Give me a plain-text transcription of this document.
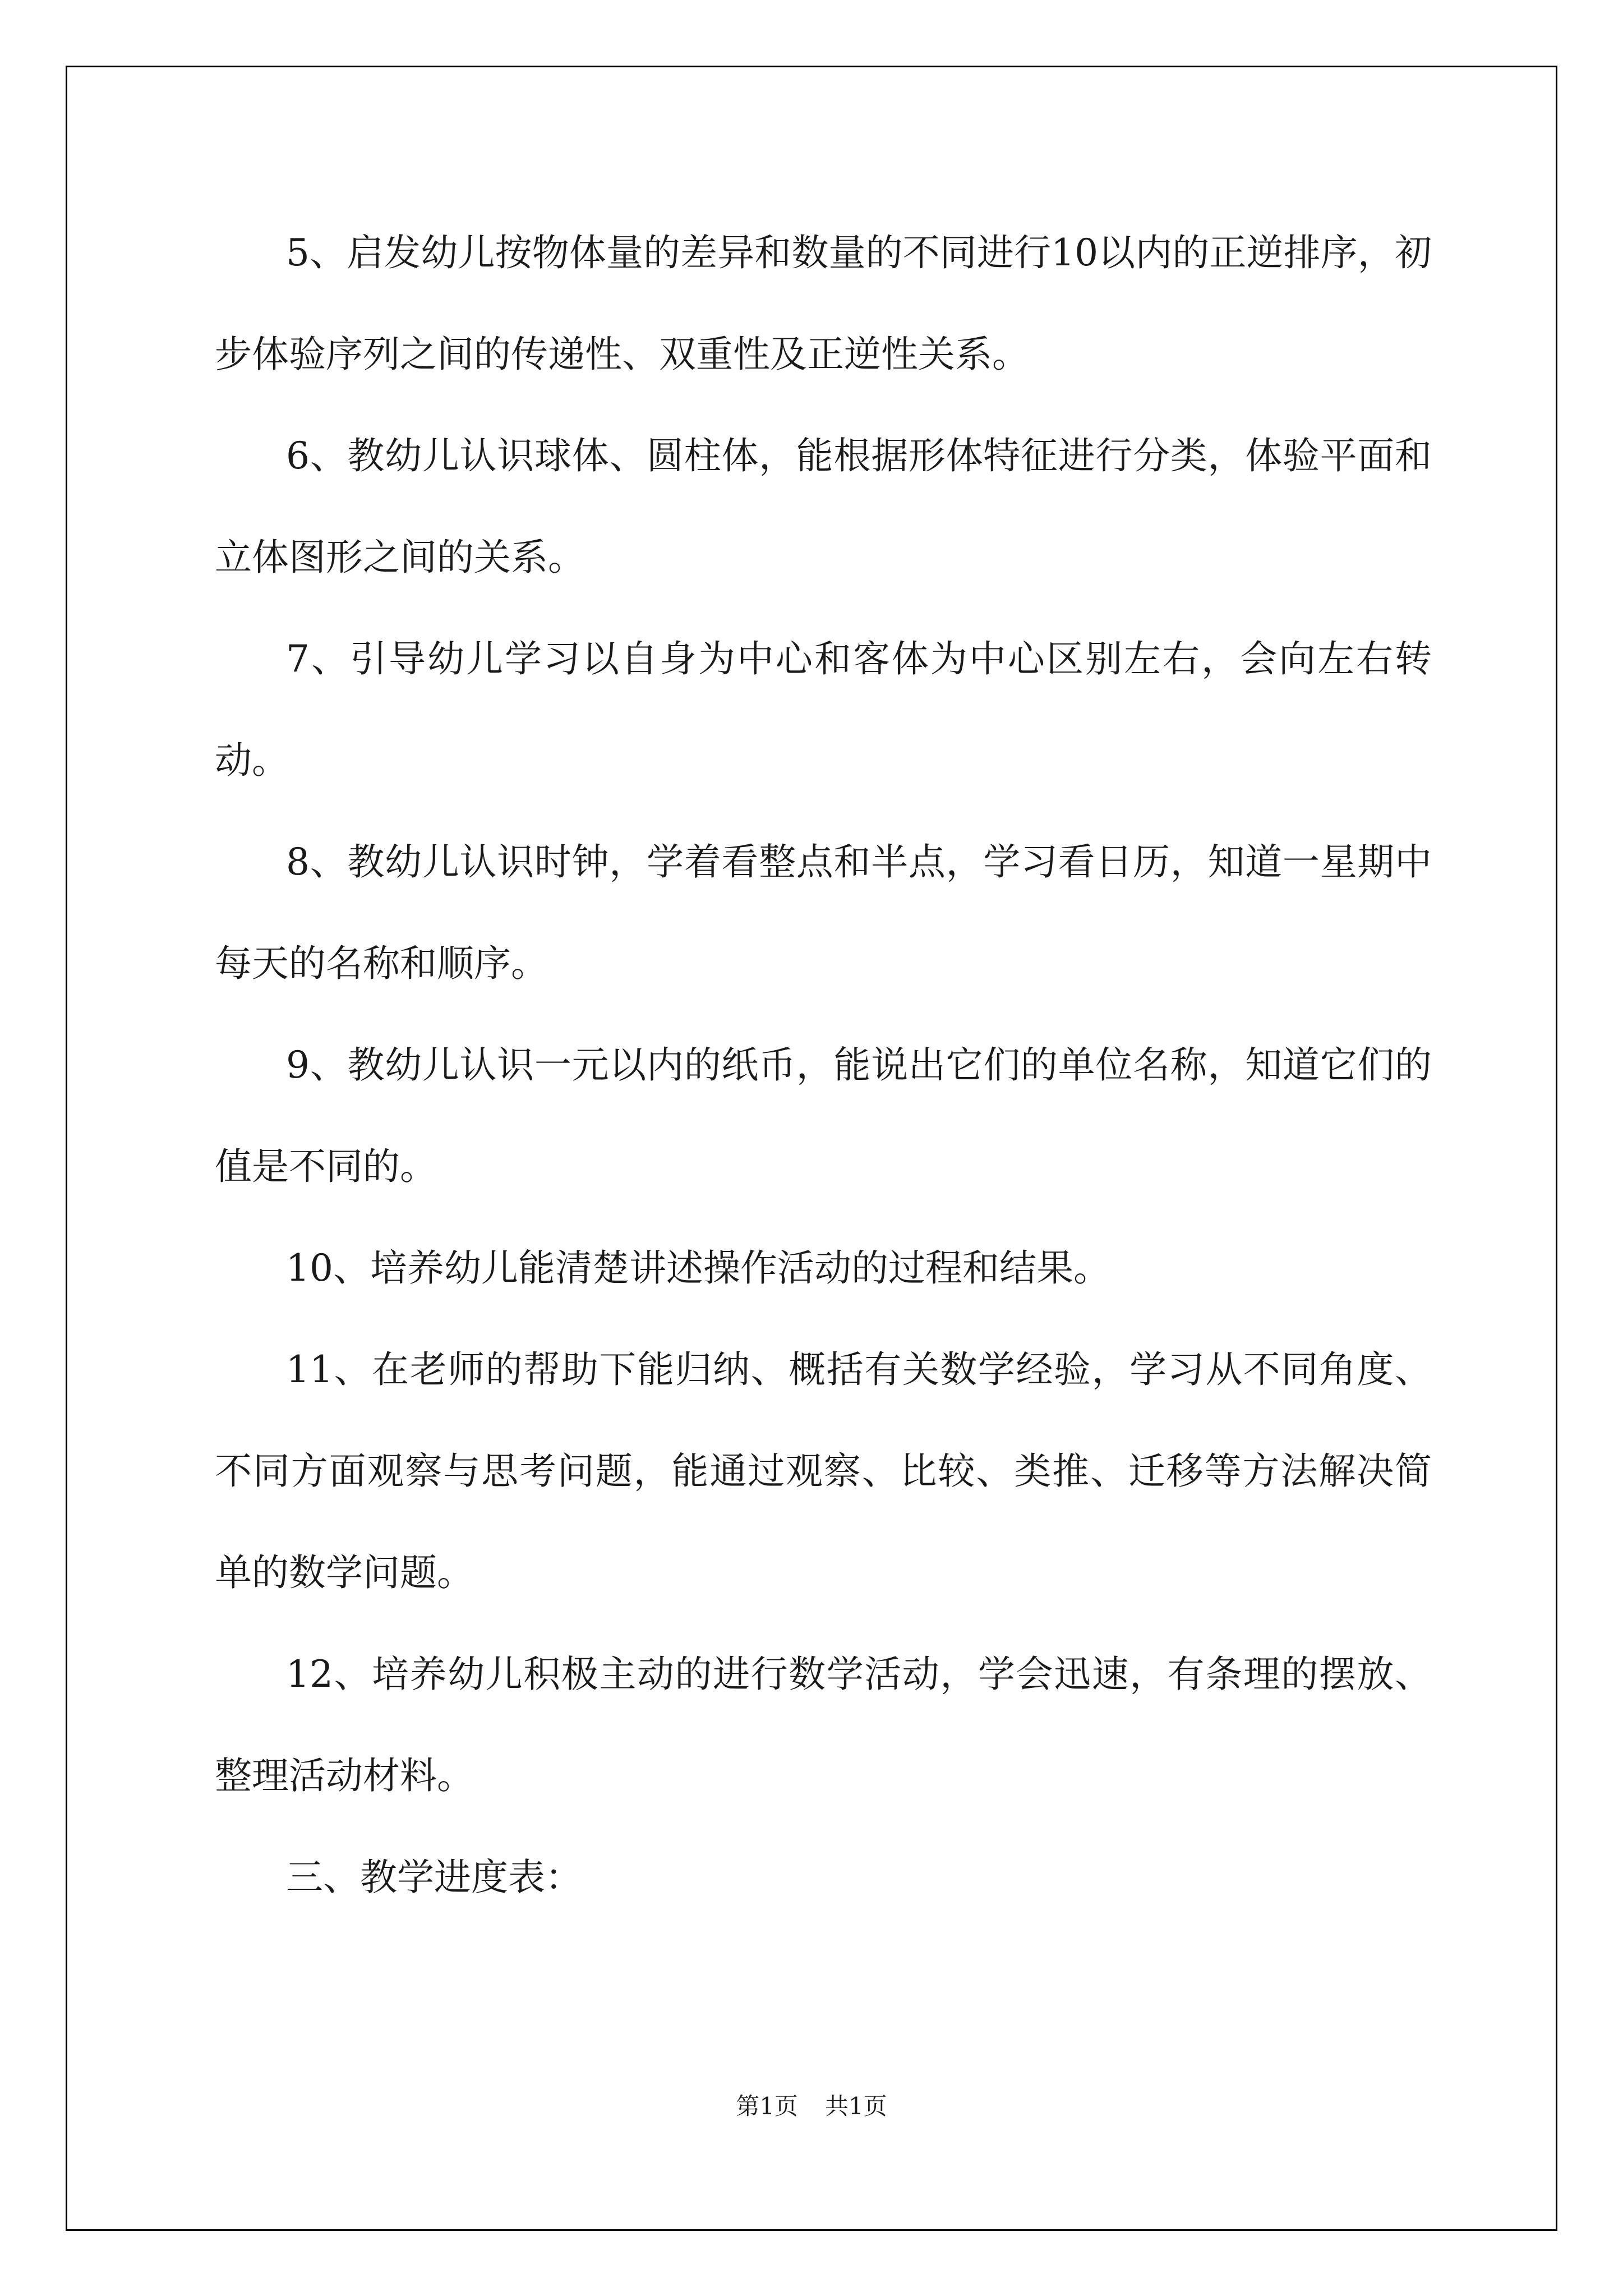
5、启发幼儿按物体量的差异和数量的不同进行10以内的正逆排序，初步体验序列之间的传递性、双重性及正逆性关系。

6、教幼儿认识球体、圆柱体，能根据形体特征进行分类，体验平面和立体图形之间的关系。

7、引导幼儿学习以自身为中心和客体为中心区别左右，会向左右转动。

8、教幼儿认识时钟，学着看整点和半点，学习看日历，知道一星期中每天的名称和顺序。

9、教幼儿认识一元以内的纸币，能说出它们的单位名称，知道它们的值是不同的。

10、培养幼儿能清楚讲述操作活动的过程和结果。

11、在老师的帮助下能归纳、概括有关数学经验，学习从不同角度、不同方面观察与思考问题，能通过观察、比较、类推、迁移等方法解决简单的数学问题。

12、培养幼儿积极主动的进行数学活动，学会迅速，有条理的摆放、整理活动材料。

三、教学进度表：

第1页 共1页
